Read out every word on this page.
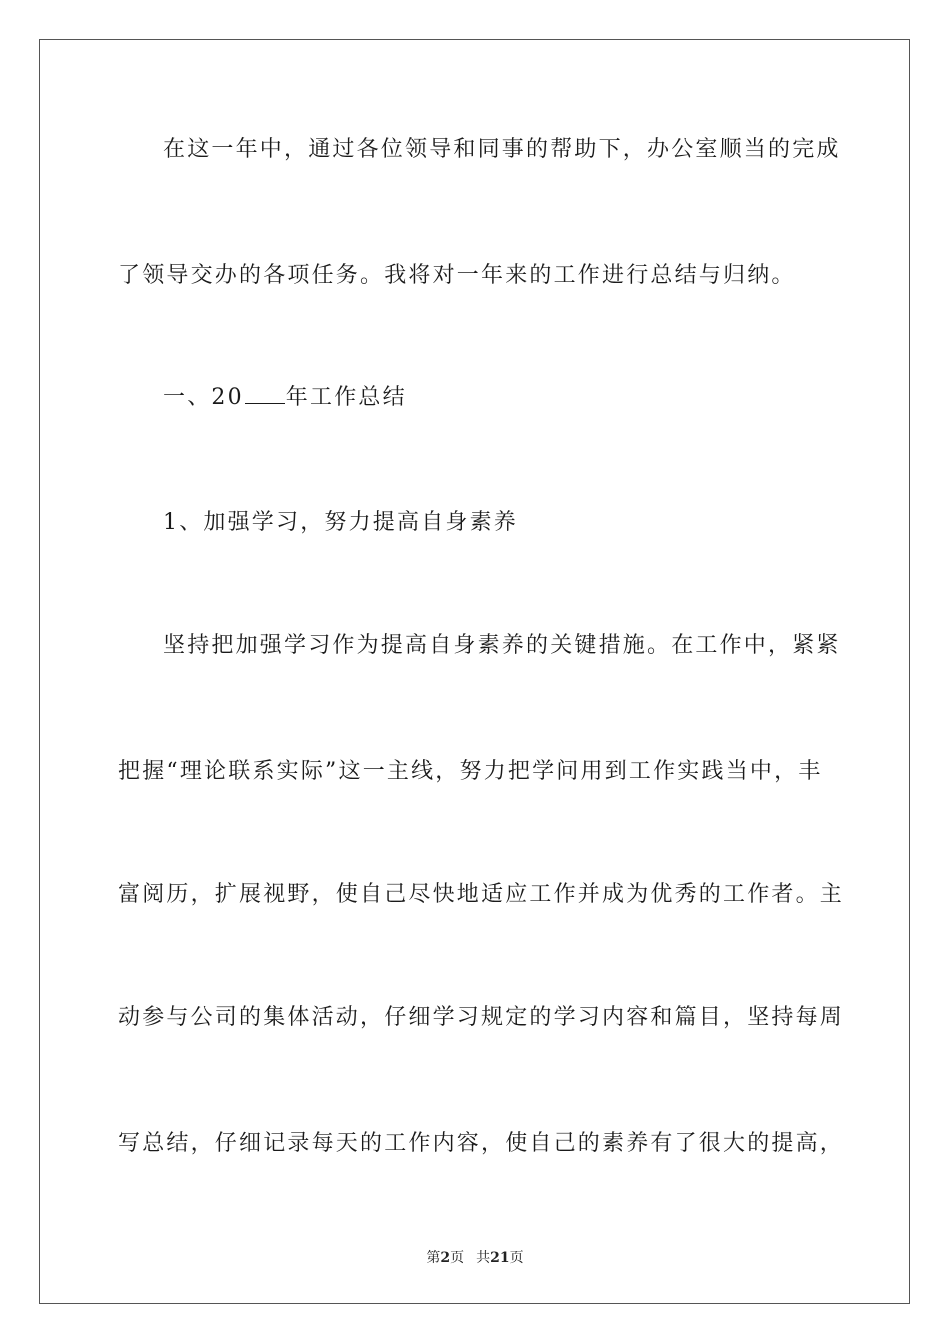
在这一年中，通过各位领导和同事的帮助下，办公室顺当的完成
了领导交办的各项任务。我将对一年来的工作进行总结与归纳。
一、20 年工作总结
1、加强学习，努力提高自身素养
坚持把加强学习作为提高自身素养的关键措施。在工作中，紧紧
把握“理论联系实际”这一主线，努力把学问用到工作实践当中，丰
富阅历，扩展视野，使自己尽快地适应工作并成为优秀的工作者。主
动参与公司的集体活动，仔细学习规定的学习内容和篇目，坚持每周
写总结，仔细记录每天的工作内容，使自己的素养有了很大的提高，
第2页 共21页
